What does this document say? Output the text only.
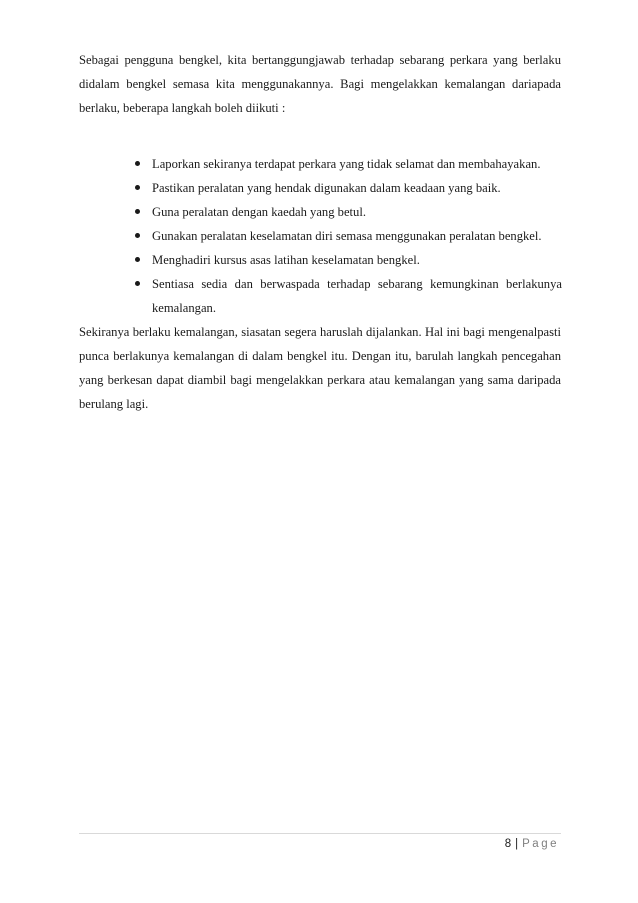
Sebagai pengguna bengkel, kita bertanggungjawab terhadap sebarang perkara yang berlaku didalam bengkel semasa kita menggunakannya. Bagi mengelakkan kemalangan dariapada berlaku, beberapa langkah boleh diikuti :

Laporkan sekiranya terdapat perkara yang tidak selamat dan membahayakan.
Pastikan peralatan yang hendak digunakan dalam keadaan yang baik.
Guna peralatan dengan kaedah yang betul.
Gunakan peralatan keselamatan diri semasa menggunakan peralatan bengkel.
Menghadiri kursus asas latihan keselamatan bengkel.
Sentiasa sedia dan berwaspada terhadap sebarang kemungkinan berlakunya kemalangan.

Sekiranya berlaku kemalangan, siasatan segera haruslah dijalankan. Hal ini bagi mengenalpasti punca berlakunya kemalangan di dalam bengkel itu. Dengan itu, barulah langkah pencegahan yang berkesan dapat diambil bagi mengelakkan perkara atau kemalangan yang sama daripada berulang lagi.

8 | Page
